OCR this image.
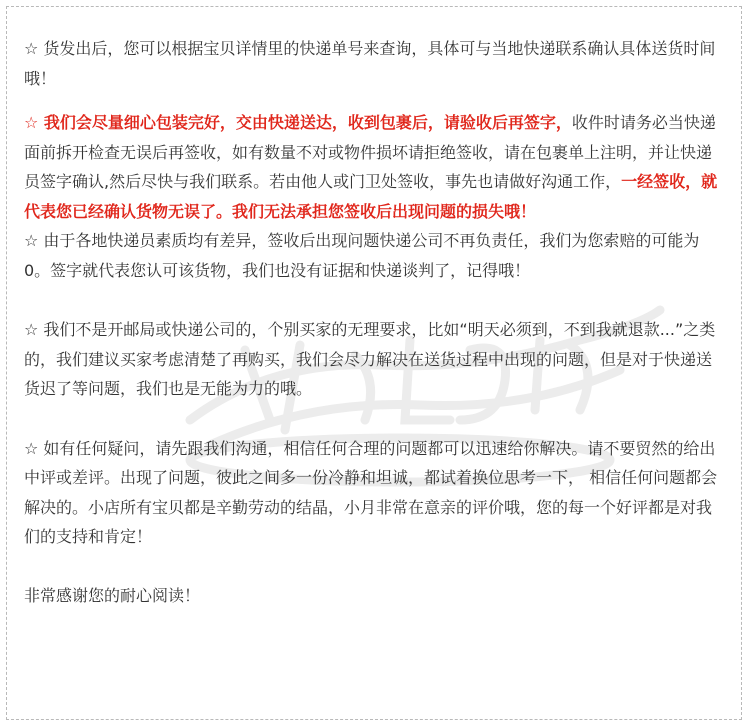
☆ 货发出后，您可以根据宝贝详情里的快递单号来查询，具体可与当地快递联系确认具体送货时间哦！

☆ 我们会尽量细心包装完好，交由快递送达，收到包裹后，请验收后再签字，收件时请务必当快递面前拆开检查无误后再签收，如有数量不对或物件损坏请拒绝签收，请在包裹单上注明，并让快递员签字确认,然后尽快与我们联系。若由他人或门卫处签收，事先也请做好沟通工作，一经签收，就代表您已经确认货物无误了。我们无法承担您签收后出现问题的损失哦！

☆ 由于各地快递员素质均有差异，签收后出现问题快递公司不再负责任，我们为您索赔的可能为0。签字就代表您认可该货物，我们也没有证据和快递谈判了，记得哦！

☆ 我们不是开邮局或快递公司的，个别买家的无理要求，比如“明天必须到，不到我就退款...”之类的，我们建议买家考虑清楚了再购买，我们会尽力解决在送货过程中出现的问题，但是对于快递送货迟了等问题，我们也是无能为力的哦。

☆ 如有任何疑问，请先跟我们沟通，相信任何合理的问题都可以迅速给你解决。请不要贸然的给出中评或差评。出现了问题，彼此之间多一份冷静和坦诚，都试着换位思考一下， 相信任何问题都会解决的。小店所有宝贝都是辛勤劳动的结晶，小月非常在意亲的评价哦，您的每一个好评都是对我们的支持和肯定！

非常感谢您的耐心阅读！
